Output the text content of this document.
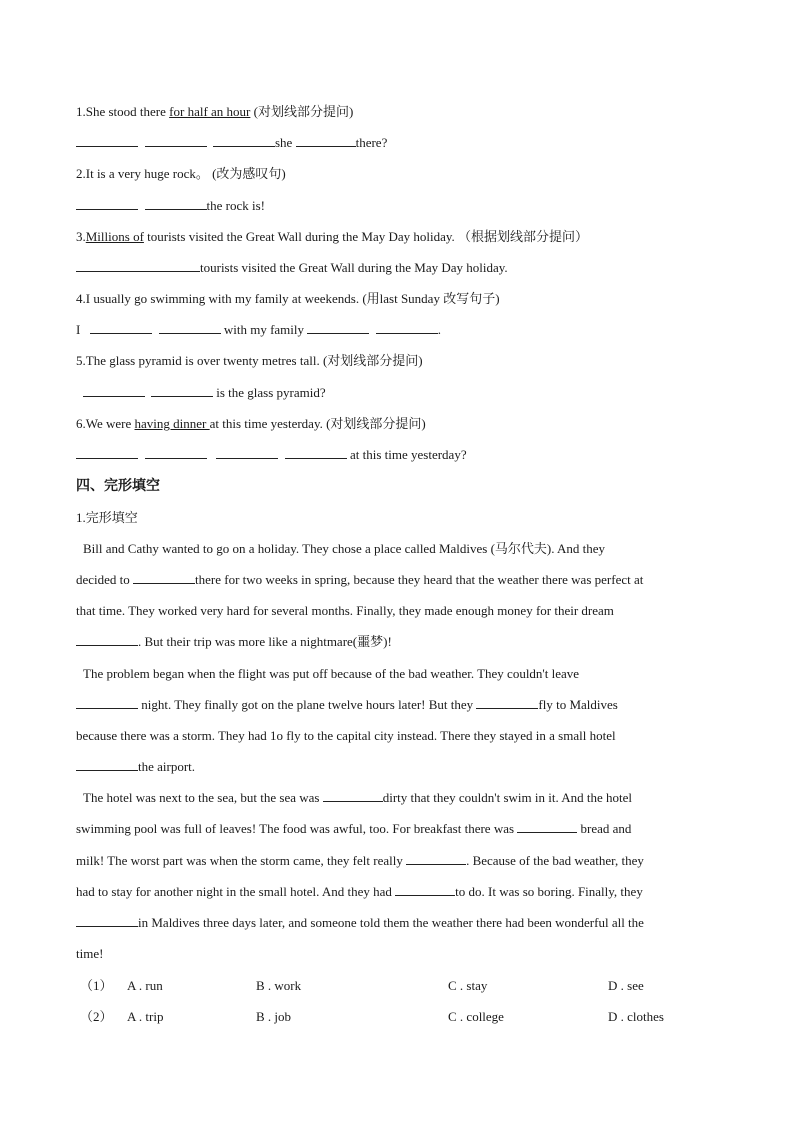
1.She stood there for half an hour (对划线部分提问)
she	there?
2.It is a very huge rock。 (改为感叹句)
the rock is!
3.Millions of tourists visited the Great Wall during the May Day holiday. （根据划线部分提问）
tourists visited the Great Wall during the May Day holiday.
4.I usually go swimming with my family at weekends. (用last Sunday 改写句子)
I	with my family	.
5.The glass pyramid is over twenty metres tall. (对划线部分提问)
is the glass pyramid?
6.We were having dinner at this time yesterday. (对划线部分提问)
at this time yesterday?
四、完形填空
1.完形填空
Bill and Cathy wanted to go on a holiday. They chose a place called Maldives (马尔代夫). And they
decided to	there for two weeks in spring, because they heard that the weather there was perfect at
that time. They worked very hard for several months. Finally, they made enough money for their dream
. But their trip was more like a nightmare(噩梦)!
The problem began when the flight was put off because of the bad weather. They couldn't leave
night. They finally got on the plane twelve hours later! But they	fly to Maldives
because there was a storm. They had 1o fly to the capital city instead. There they stayed in a small hotel
the airport.
The hotel was next to the sea, but the sea was	dirty that they couldn't swim in it. And the hotel
swimming pool was full of leaves! The food was awful, too. For breakfast there was	bread and
milk! The worst part was when the storm came, they felt really	. Because of the bad weather, they
had to stay for another night in the small hotel. And they had	to do. It was so boring. Finally, they
in Maldives three days later, and someone told them the weather there had been wonderful all the
time!
（1） A . run	B . work	C . stay	D . see
（2） A . trip	B . job	C . college	D . clothes
